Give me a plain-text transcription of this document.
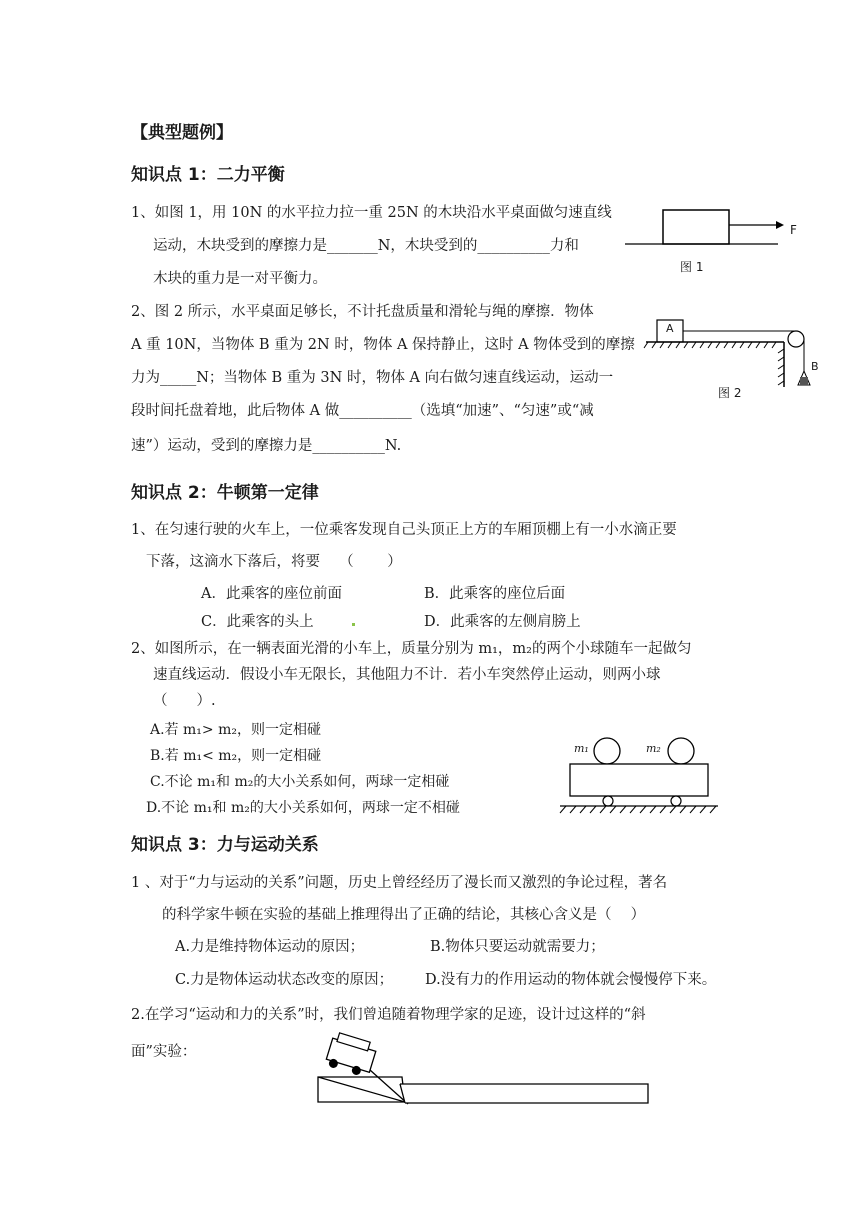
【典型题例】
知识点 1：二力平衡
1、如图 1，用 10N 的水平拉力拉一重 25N 的木块沿水平桌面做匀速直线
运动，木块受到的摩擦力是_______N，木块受到的__________力和
木块的重力是一对平衡力。
F
图 1
2、图 2 所示，水平桌面足够长，不计托盘质量和滑轮与绳的摩擦．物体
A 重 10N，当物体 B 重为 2N 时，物体 A 保持静止，这时 A 物体受到的摩擦
力为_____N；当物体 B 重为 3N 时，物体 A 向右做匀速直线运动，运动一
段时间托盘着地，此后物体 A 做__________（选填“加速”、“匀速”或“减
速”）运动，受到的摩擦力是__________N.
A
B
图 2
知识点 2：牛顿第一定律
1、在匀速行驶的火车上，一位乘客发现自己头顶正上方的车厢顶棚上有一小水滴正要
下落，这滴水下落后，将要　 （　　 ）
A．此乘客的座位前面	B．此乘客的座位后面
C．此乘客的头上	D．此乘客的左侧肩膀上
2、如图所示，在一辆表面光滑的小车上，质量分别为 m₁，m₂的两个小球随车一起做匀
速直线运动．假设小车无限长，其他阻力不计．若小车突然停止运动，则两小球
（　　）.
A.若 m₁> m₂，则一定相碰
B.若 m₁< m₂，则一定相碰
C.不论 m₁和 m₂的大小关系如何，两球一定相碰
D.不论 m₁和 m₂的大小关系如何，两球一定不相碰
m₁	m₂
知识点 3：力与运动关系
1 、对于“力与运动的关系”问题，历史上曾经经历了漫长而又激烈的争论过程，著名
的科学家牛顿在实验的基础上推理得出了正确的结论，其核心含义是（　 ）
A.力是维持物体运动的原因；	B.物体只要运动就需要力；
C.力是物体运动状态改变的原因； D.没有力的作用运动的物体就会慢慢停下来。
2.在学习“运动和力的关系”时，我们曾追随着物理学家的足迹，设计过这样的“斜
面”实验：
